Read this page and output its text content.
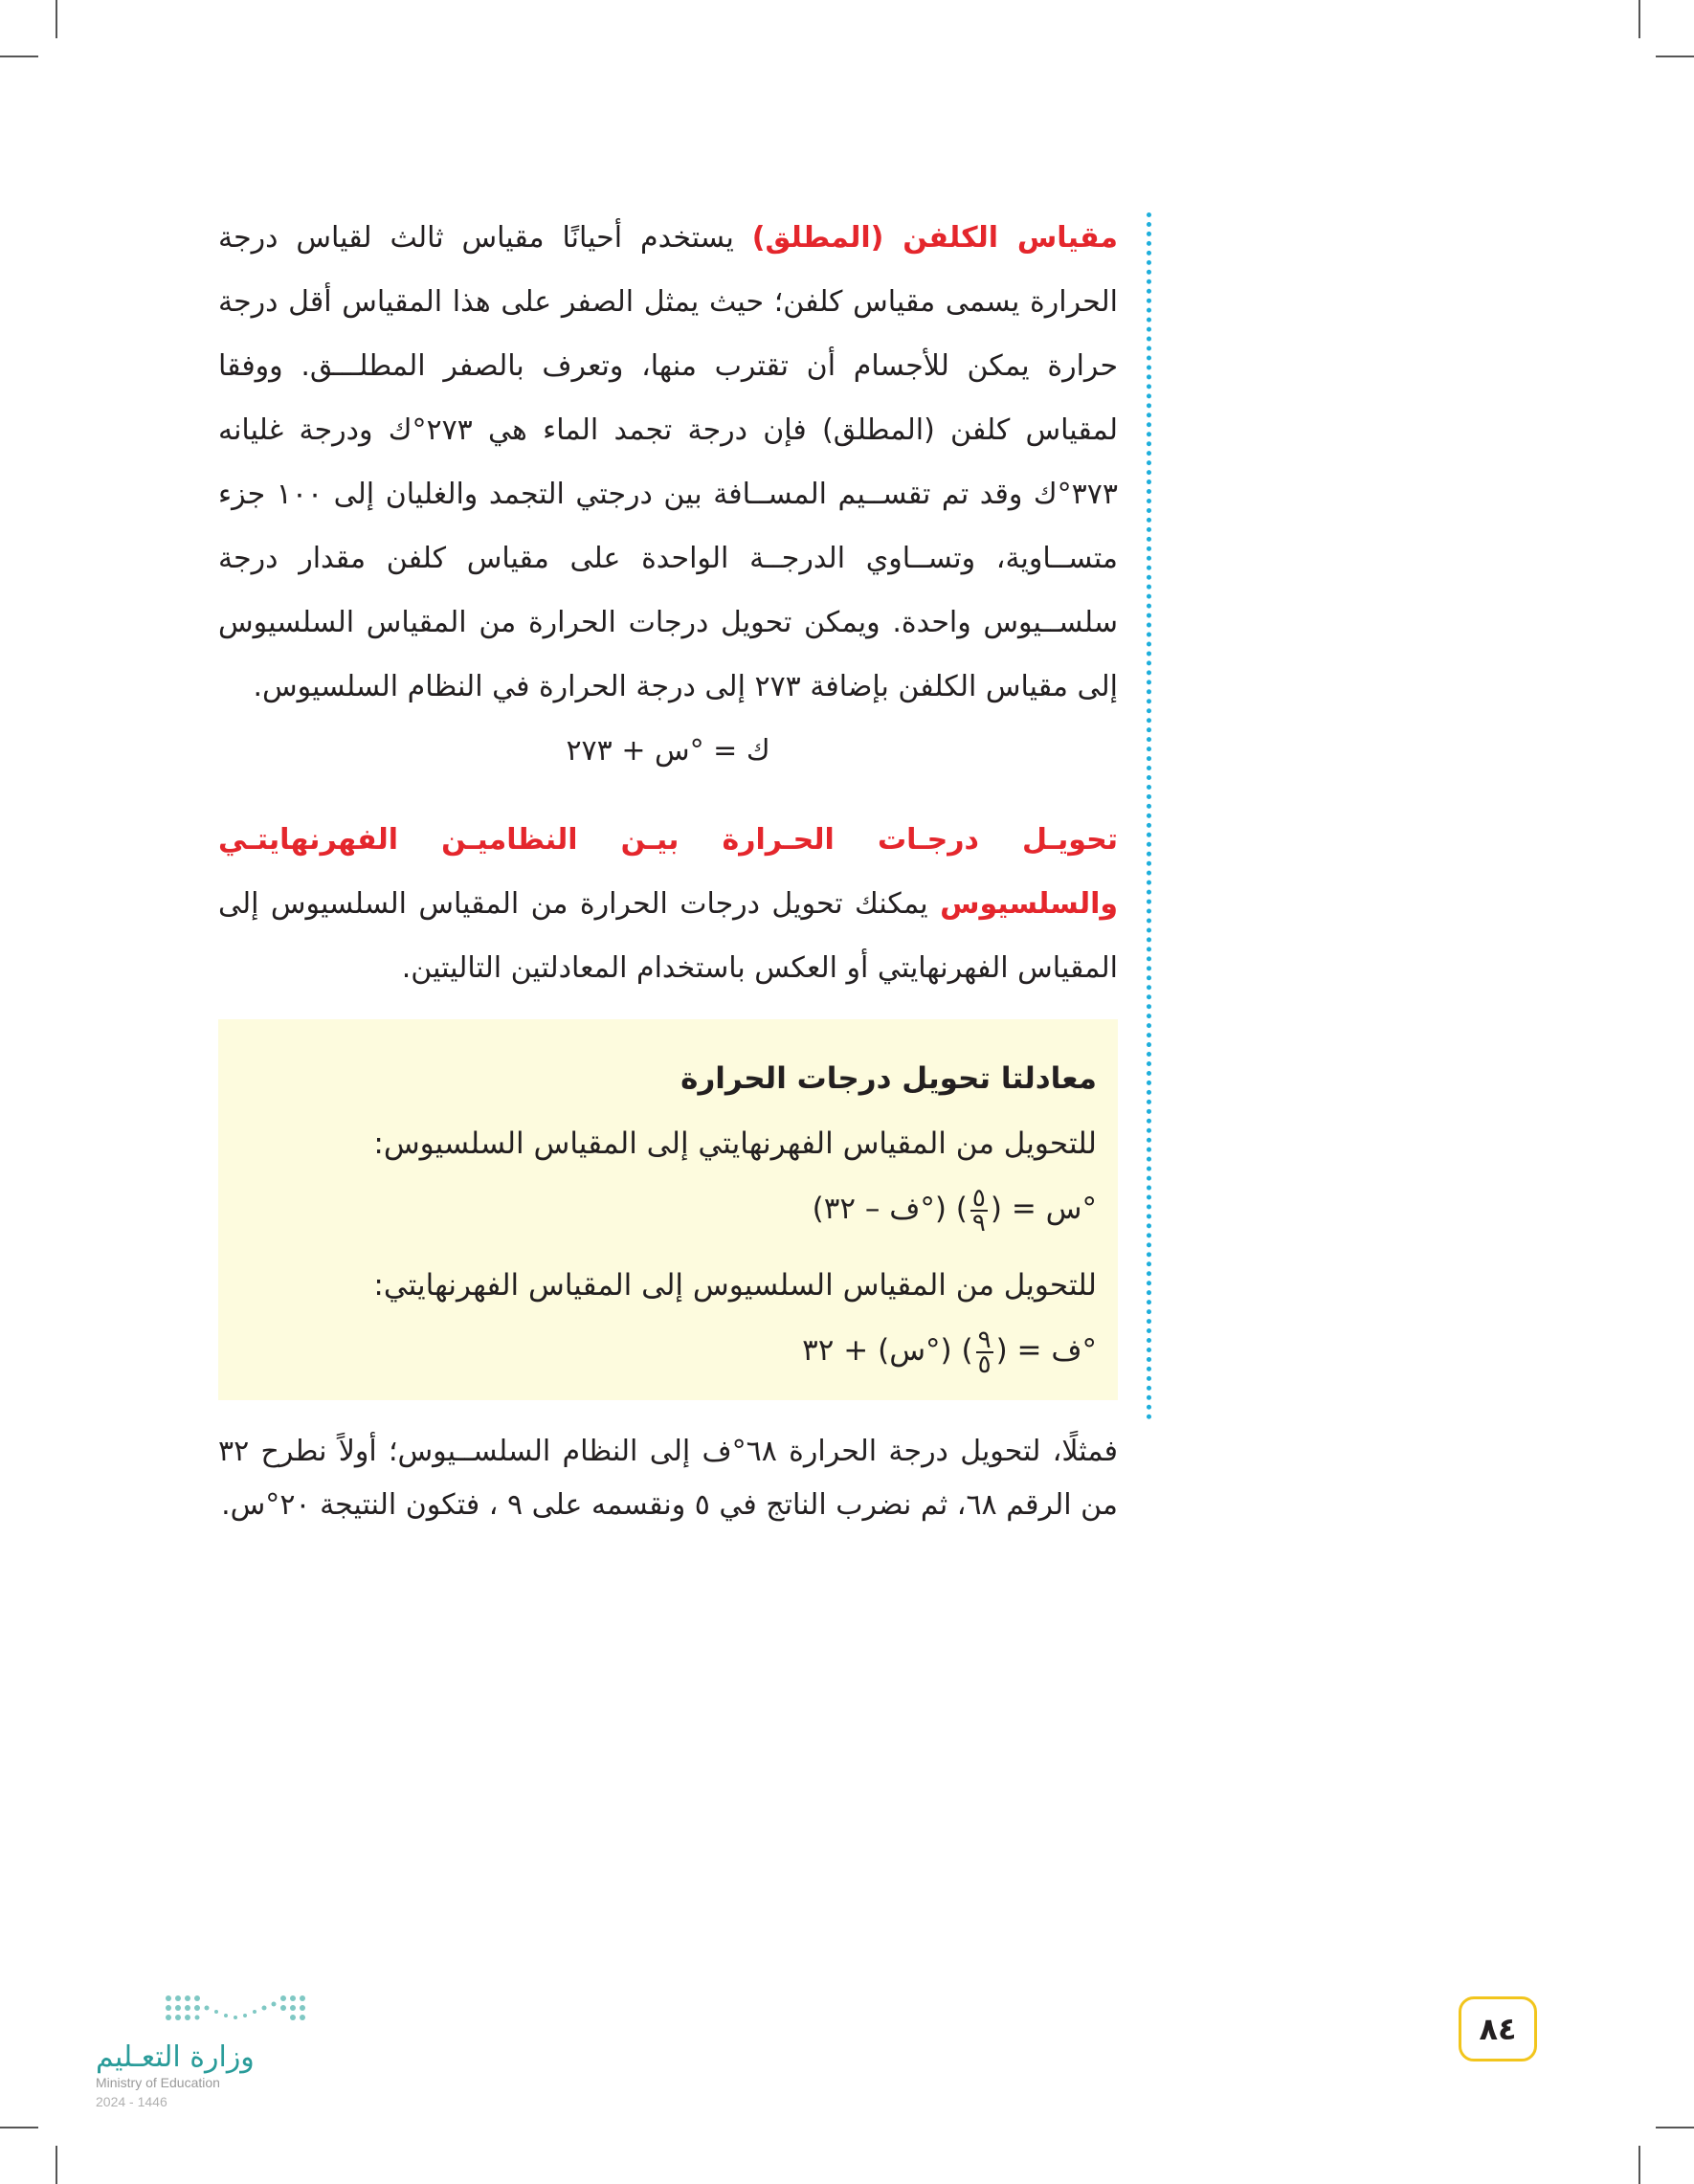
مقياس الكلفن (المطلق) يستخدم أحيانًا مقياس ثالث لقياس درجة الحرارة يسمى مقياس كلفن؛ حيث يمثل الصفر على هذا المقياس أقل درجة حرارة يمكن للأجسام أن تقترب منها، وتعرف بالصفر المطلـــق. ووفقا لمقياس كلفن (المطلق) فإن درجة تجمد الماء هي ٢٧٣°ك ودرجة غليانه ٣٧٣°ك وقد تم تقســيم المســافة بين درجتي التجمد والغليان إلى ١٠٠ جزء متســاوية، وتســاوي الدرجــة الواحدة على مقياس كلفن مقدار درجة سلســيوس واحدة. ويمكن تحويل درجات الحرارة من المقياس السلسيوس إلى مقياس الكلفن بإضافة ٢٧٣ إلى درجة الحرارة في النظام السلسيوس.

ك = °س + ٢٧٣

تحويـل درجـات الحـرارة بيـن النظاميـن الفهرنهايتـي والسلسيوس يمكنك تحويل درجات الحرارة من المقياس السلسيوس إلى المقياس الفهرنهايتي أو العكس باستخدام المعادلتين التاليتين.

معادلتا تحويل درجات الحرارة
للتحويل من المقياس الفهرنهايتي إلى المقياس السلسيوس:
°س = (
$\frac{٥}{٩}$
) (°ف – ٣٢)
للتحويل من المقياس السلسيوس إلى المقياس الفهرنهايتي:
°ف = (
$\frac{٩}{٥}$
) (°س) + ٣٢

فمثلًا، لتحويل درجة الحرارة ٦٨°ف إلى النظام السلســيوس؛ أولاً نطرح ٣٢ من الرقم ٦٨، ثم نضرب الناتج في ٥ ونقسمه على ٩ ، فتكون النتيجة ٢٠°س.

٨٤
وزارة التعـليم
Ministry of Education
2024 - 1446
